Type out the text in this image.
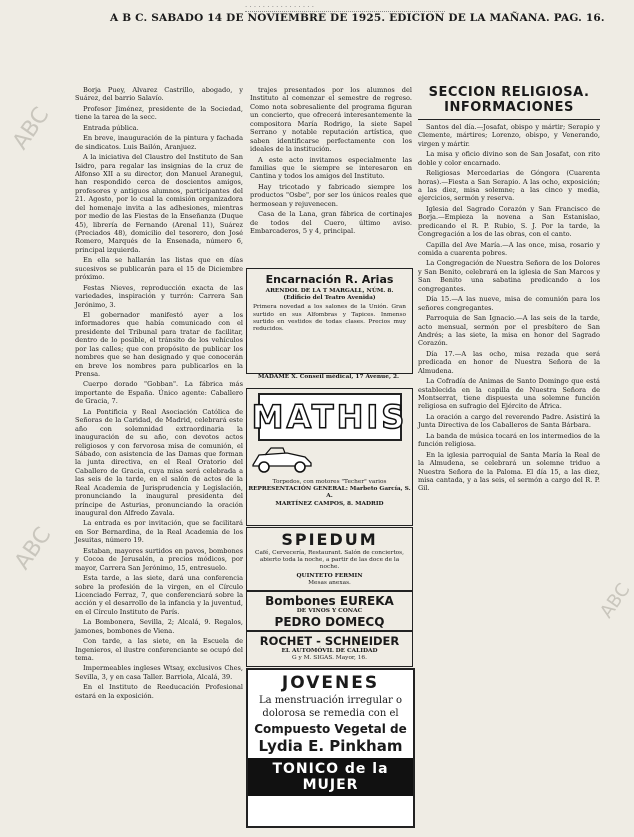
· · · · · · · · · · · · · · · ·
A B C. SABADO 14 DE NOVIEMBRE DE 1925. EDICION DE LA MAÑANA. PAG. 16.
ABC
ABC
ABC

Borja Puey, Alvarez Castrillo, abogado, y Suárez, del barrio Salavío.

Profesor Jiménez, presidente de la Sociedad, tiene la tarea de la secc.

Entrada pública.

En breve, inauguración de la pintura y fachada de sindicatos. Luis Bailón, Aranjuez.

A la iniciativa del Claustro del Instituto de San Isidro, para regalar las insignias de la cruz de Alfonso XII a su director, don Manuel Aranegui, han respondido cerca de doscientos amigos, profesores y antiguos alumnos, participantes del 21. Agosto, por lo cual la comisión organizadora del homenaje invita a las adhesiones, mientras por medio de las Fiestas de la Enseñanza (Duque 45), librería de Fernando (Arenal 11), Suárez (Preciados 48), domicilio del tesorero, don José Romero, Marqués de la Ensenada, número 6, principal izquierda.

En ella se hallarán las listas que en días sucesivos se publicarán para el 15 de Diciembre próximo.

Festas Nieves, reproducción exacta de las variedades, inspiración y turrón: Carrera San Jerónimo, 3.

El gobernador manifestó ayer a los informadores que había comunicado con el presidente del Tribunal para tratar de facilitar, dentro de lo posible, el tránsito de los vehículos por las calles; que con propósito de publicar los nombres que se han designado y que conocerán en breve los nombres para publicarlos en la Prensa.

Cuerpo dorado "Gobban". La fábrica más importante de España. Único agente: Caballero de Gracia, 7.

La Pontificia y Real Asociación Católica de Señoras de la Caridad, de Madrid, celebrará este año con solemnidad extraordinaria la inauguración de su año, con devotos actos religiosos y con fervorosa misa de comunión, el Sábado, con asistencia de las Damas que forman la junta directiva, en el Real Oratorio del Caballero de Gracia, cuya misa será celebrada a las seis de la tarde, en el salón de actos de la Real Academia de Jurisprudencia y Legislación, pronunciando la inaugural presidenta del príncipe de Asturias, pronunciando la oración inaugural don Alfredo Zavala.

La entrada es por invitación, que se facilitará en Sor Bernardina, de la Real Academia de los Jesuitas, número 19.

Estaban, mayores surtidos en pavos, bombones y Cocoa de Jerusalén, a precios módicos, por mayor, Carrera San Jerónimo, 15, entresuelo.

Esta tarde, a las siete, dará una conferencia sobre la profesión de la virgen, en el Círculo Licenciado Ferraz, 7, que conferenciará sobre la acción y el desarrollo de la infancia y la juventud, en el Círculo Instituto de París.

La Bombonera, Sevilla, 2; Alcalá, 9. Regalos, jamones, bombones de Viena.

Con tarde, a las siete, en la Escuela de Ingenieros, el ilustre conferenciante se ocupó del tema.

Impermeables ingleses Wtsay, exclusivos Ches, Sevilla, 3, y en casa Taller. Barriola, Alcalá, 39.

En el Instituto de Reeducación Profesional estará en la exposición.

trajes presentados por los alumnos del Instituto al comenzar el semestre de regreso. Como nota sobresaliente del programa figuran un concierto, que ofrecerá interesantemente la compositora María Rodrigo, la siete Sapel Serrano y notable reputación artística, que saben identificarse perfectamente con los ideales de la institución.

A este acto invitamos especialmente las familias que le siempre se interesaron en Cantina y todos los amigos del Instituto.

Hay tricotado y fabricado siempre los productos "Osbe", por ser los únicos reales que hermosean y rejuvenecen.

Casa de la Lana, gran fábrica de cortinajes de todos del Cuero, último aviso. Embarcaderos, 5 y 4, principal.

Encarnación R. Arias
ARENDOL DE LA T MARGALL, NÚM. 8. (Edificio del Teatro Avenida)
Primera novedad a los salones de la Unión. Gran surtido en sus Alfombras y Tapices. Inmenso surtido en vestidos de todas clases. Precios muy reducidos.
MADAME X. Conseil médical, 17 Avenue, 2.
MATHIS
Torpedos, con motores "Techer" varios
REPRESENTACIÓN GENERAL: Marbeto García, S. A.
MARTÍNEZ CAMPOS, 8. MADRID
SPIEDUM
Café, Cervecería, Restaurant. Salón de conciertos, abierto toda la noche, a partir de las doce de la noche.
QUINTETO FERMIN
Mesas anexas.
Bombones EUREKA
DE VINOS Y CONAC
PEDRO DOMECQ
ROCHET - SCHNEIDER
EL AUTOMÓVIL DE CALIDAD
G y M. SIGAS. Mayor, 16.
JOVENES
La menstruación irregular o dolorosa se remedia con el
Compuesto Vegetal de
Lydia E. Pinkham
TONICO de la MUJER
SECCION RELIGIOSA. INFORMACIONES

Santos del día.—Josafat, obispo y mártir; Serapio y Clemente, mártires; Lorenzo, obispo, y Venerando, virgen y mártir.

La misa y oficio divino son de San Josafat, con rito doble y color encarnado.

Religiosas Mercedarias de Góngora (Cuarenta horas).—Fiesta a San Serapio. A las ocho, exposición; a las diez, misa solemne; a las cinco y media, ejercicios, sermón y reserva.

Iglesia del Sagrado Corazón y San Francisco de Borja.—Empieza la novena a San Estanislao, predicando el R. P. Rubio, S. J. Por la tarde, la Congregación a los de las obras, con el canto.

Capilla del Ave María.—A las once, misa, rosario y comida a cuarenta pobres.

La Congregación de Nuestra Señora de los Dolores y San Benito, celebrará en la iglesia de San Marcos y San Benito una sabatina predicando a los congregantes.

Día 15.—A las nueve, misa de comunión para los señores congregantes.

Parroquia de San Ignacio.—A las seis de la tarde, acto mensual, sermón por el presbítero de San Andrés; a las siete, la misa en honor del Sagrado Corazón.

Día 17.—A las ocho, misa rezada que será predicada en honor de Nuestra Señora de la Almudena.

La Cofradía de Animas de Santo Domingo que está establecida en la capilla de Nuestra Señora de Montserrat, tiene dispuesta una solemne función religiosa en sufragio del Ejército de África.

La oración a cargo del reverendo Padre. Asistirá la Junta Directiva de los Caballeros de Santa Bárbara.

La banda de música tocará en los intermedios de la función religiosa.

En la iglesia parroquial de Santa María la Real de la Almudena, se celebrará un solemne triduo a Nuestra Señora de la Paloma. El día 15, a las diez, misa cantada, y a las seis, el sermón a cargo del R. P. Gil.
